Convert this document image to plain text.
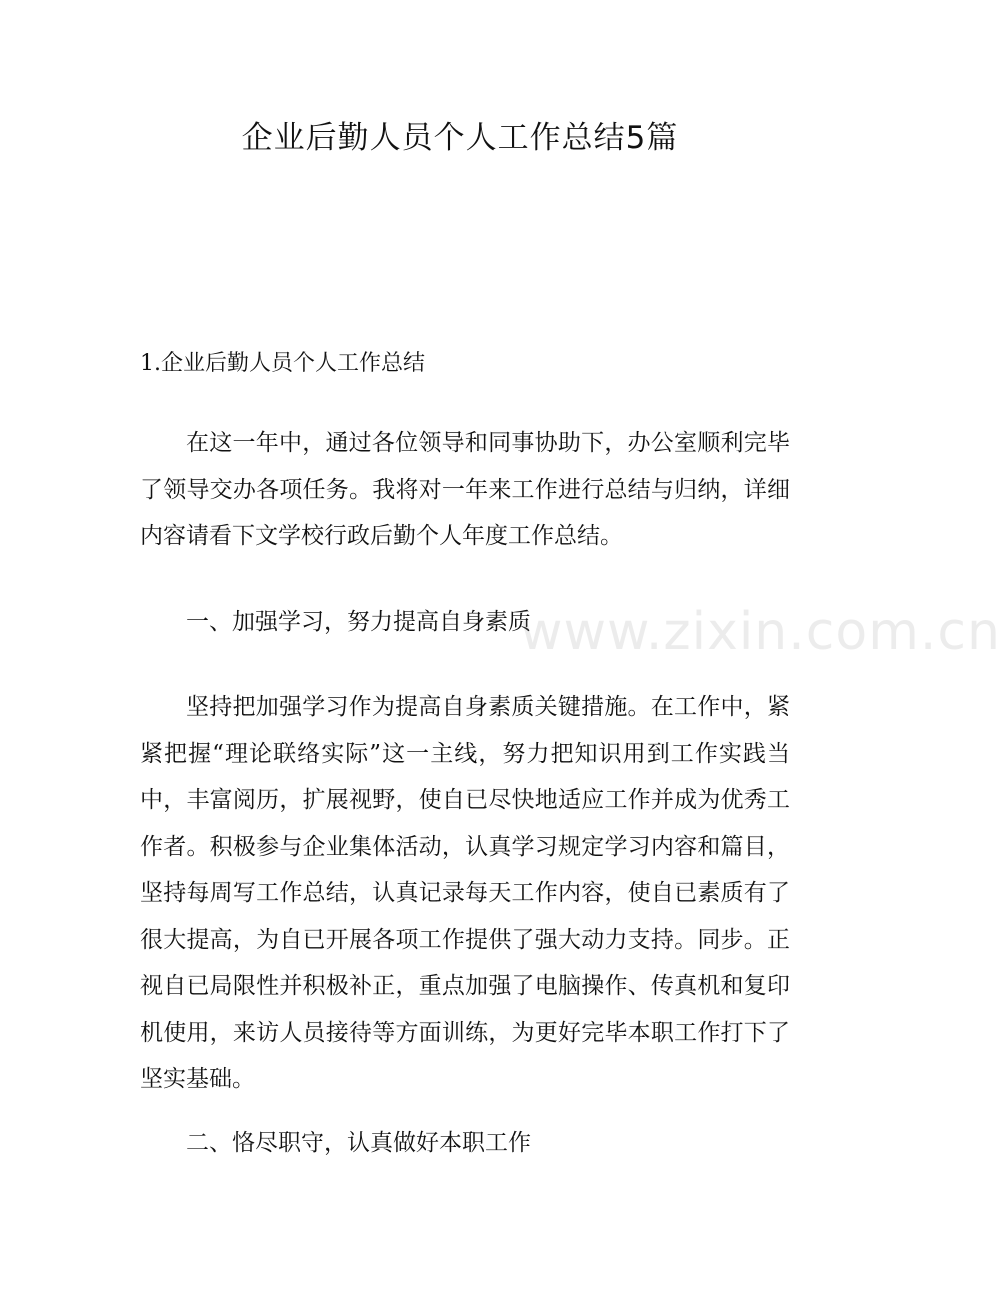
企业后勤人员个人工作总结5篇
1.企业后勤人员个人工作总结

在这一年中，通过各位领导和同事协助下，办公室顺利完毕了领导交办各项任务。我将对一年来工作进行总结与归纳，详细内容请看下文学校行政后勤个人年度工作总结。

一、加强学习，努力提高自身素质

坚持把加强学习作为提高自身素质关键措施。在工作中，紧紧把握“理论联络实际”这一主线，努力把知识用到工作实践当中，丰富阅历，扩展视野，使自已尽快地适应工作并成为优秀工作者。积极参与企业集体活动，认真学习规定学习内容和篇目，坚持每周写工作总结，认真记录每天工作内容，使自已素质有了很大提高，为自已开展各项工作提供了强大动力支持。同步。正视自已局限性并积极补正，重点加强了电脑操作、传真机和复印机使用，来访人员接待等方面训练，为更好完毕本职工作打下了坚实基础。

二、恪尽职守，认真做好本职工作
www.zixin.com.cn
